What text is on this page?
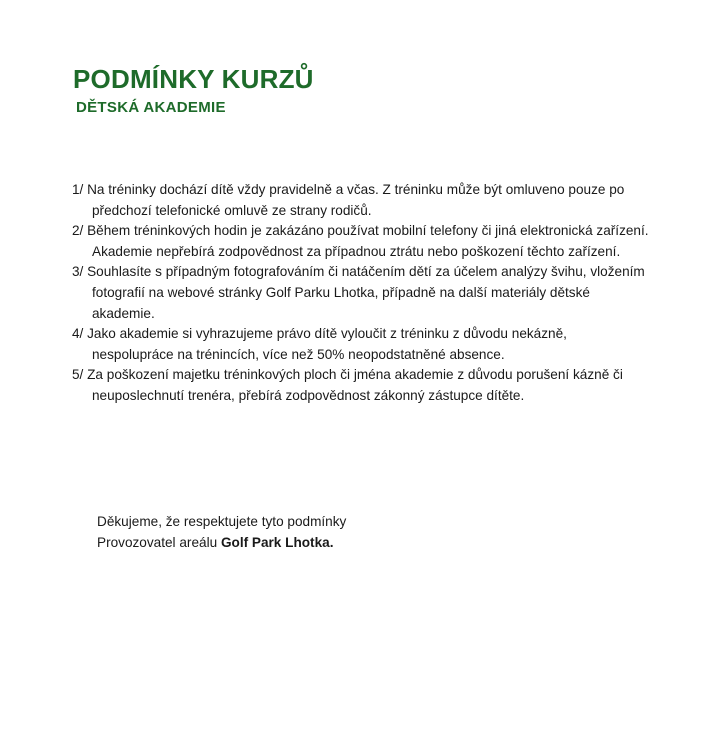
PODMÍNKY KURZŮ
DĚTSKÁ AKADEMIE
1/ Na tréninky dochází dítě vždy pravidelně a včas. Z tréninku může být omluveno pouze po předchozí telefonické omluvě ze strany rodičů.
2/ Během tréninkových hodin je zakázáno používat mobilní telefony či jiná elektronická zařízení. Akademie nepřebírá zodpovědnost za případnou ztrátu nebo poškození těchto zařízení.
3/ Souhlasíte s případným fotografováním či natáčením dětí za účelem analýzy švihu, vložením fotografií na webové stránky Golf Parku Lhotka, případně na další materiály dětské akademie.
4/ Jako akademie si vyhrazujeme právo dítě vyloučit z tréninku z důvodu nekázně, nespolupráce na trénincích, více než 50% neopodstatněné absence.
5/ Za poškození majetku tréninkových ploch či jména akademie z důvodu porušení kázně či neuposlechnutí trenéra, přebírá zodpovědnost zákonný zástupce dítěte.
Děkujeme, že respektujete tyto podmínky
Provozovatel areálu Golf Park Lhotka.
